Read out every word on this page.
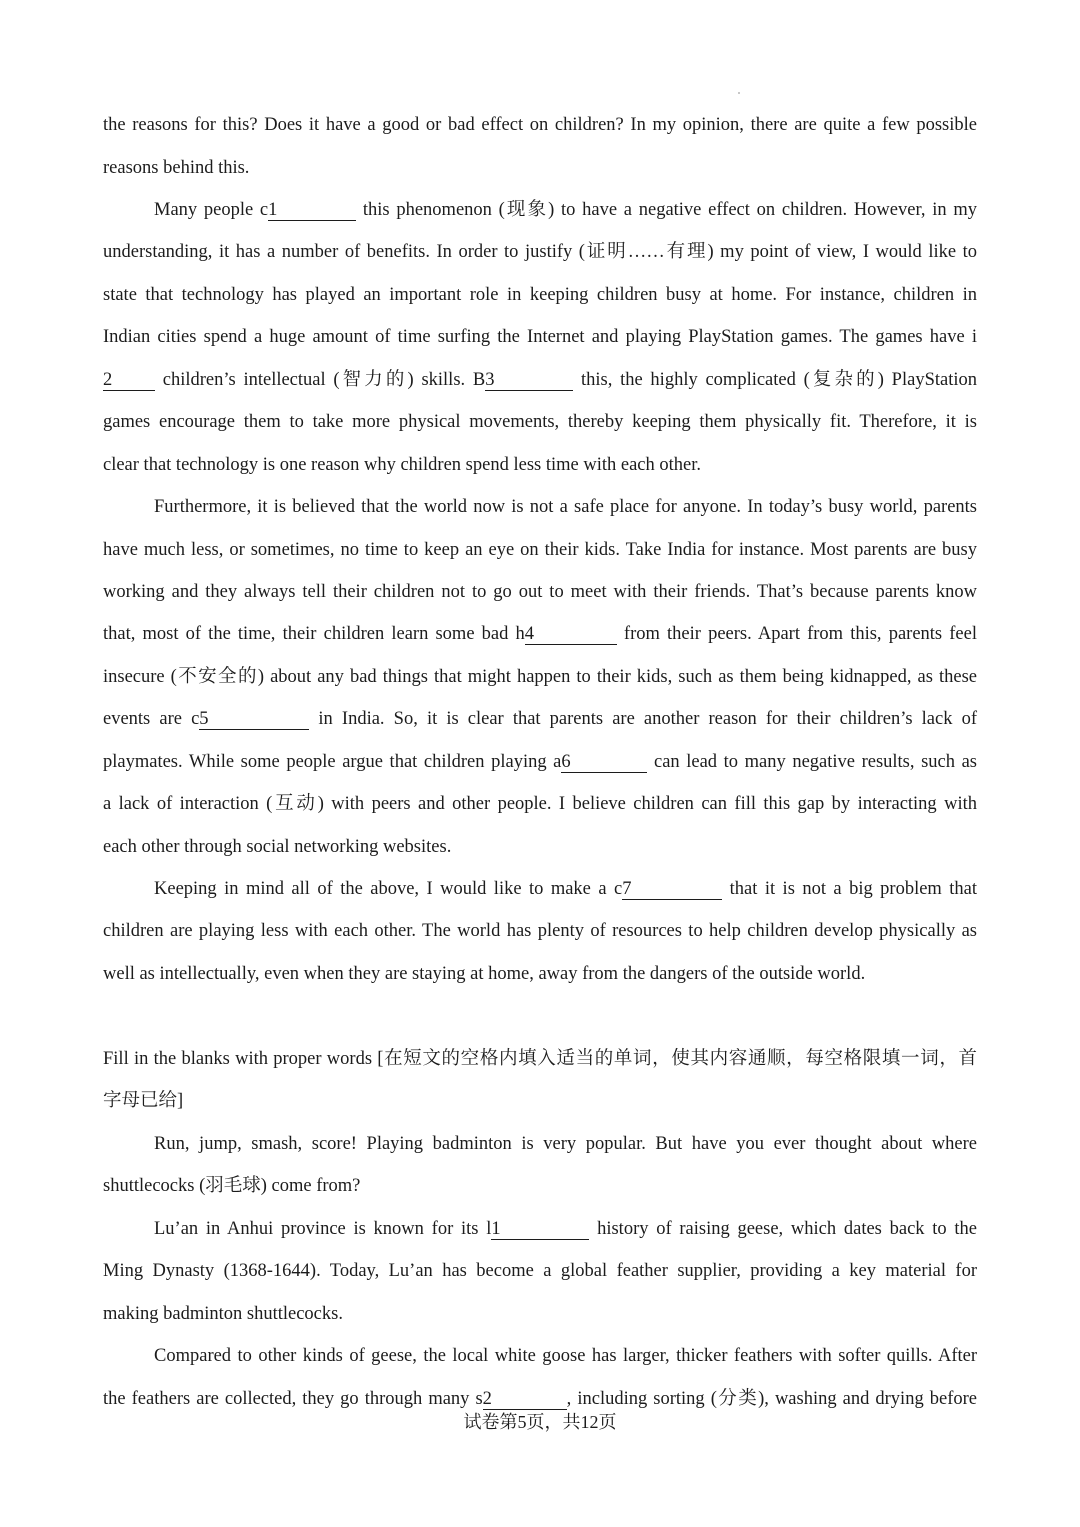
the reasons for this? Does it have a good or bad effect on children? In my opinion, there are quite a few possible
reasons behind this.
Many people c1	this phenomenon (现象) to have a negative effect on children. However, in my
understanding, it has a number of benefits. In order to justify (证明……有理) my point of view, I would like to
state that technology has played an important role in keeping children busy at home. For instance, children in
Indian cities spend a huge amount of time surfing the Internet and playing PlayStation games. The games have i
2 children’s intellectual (智力的) skills. B3	this, the highly complicated (复杂的) PlayStation
games encourage them to take more physical movements, thereby keeping them physically fit. Therefore, it is
clear that technology is one reason why children spend less time with each other.
Furthermore, it is believed that the world now is not a safe place for anyone. In today’s busy world, parents
have much less, or sometimes, no time to keep an eye on their kids. Take India for instance. Most parents are busy
working and they always tell their children not to go out to meet with their friends. That’s because parents know
that, most of the time, their children learn some bad h4	from their peers. Apart from this, parents feel
insecure (不安全的) about any bad things that might happen to their kids, such as them being kidnapped, as these
events are c5	in India. So, it is clear that parents are another reason for their children’s lack of
playmates. While some people argue that children playing a6	can lead to many negative results, such as
a lack of interaction (互动) with peers and other people. I believe children can fill this gap by interacting with
each other through social networking websites.
Keeping in mind all of the above, I would like to make a c7	that it is not a big problem that
children are playing less with each other. The world has plenty of resources to help children develop physically as
well as intellectually, even when they are staying at home, away from the dangers of the outside world.
Fill in the blanks with proper words [在短文的空格内填入适当的单词，使其内容通顺，每空格限填一词，首
字母已给]
Run, jump, smash, score! Playing badminton is very popular. But have you ever thought about where
shuttlecocks (羽毛球) come from?
Lu’an in Anhui province is known for its l1	history of raising geese, which dates back to the
Ming Dynasty (1368-1644). Today, Lu’an has become a global feather supplier, providing a key material for
making badminton shuttlecocks.
Compared to other kinds of geese, the local white goose has larger, thicker feathers with softer quills. After
the feathers are collected, they go through many s2	, including sorting (分类), washing and drying before
试卷第5页，共12页
